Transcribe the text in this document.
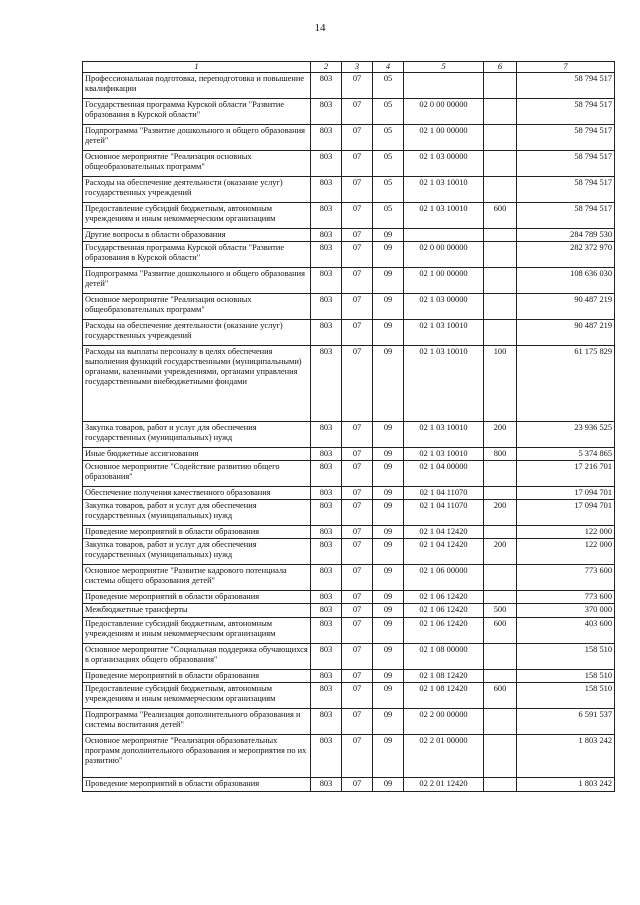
14
1	2	3	4	5	6	7
Профессиональная подготовка, переподготовка и повышение квалификации	803	07	05			58 794 517
Государственная программа Курской области "Развитие образования в Курской области"	803	07	05	02 0 00 00000		58 794 517
Подпрограмма "Развитие дошкольного и общего образования детей"	803	07	05	02 1 00 00000		58 794 517
Основное мероприятие "Реализация основных общеобразовательных программ"	803	07	05	02 1 03 00000		58 794 517
Расходы на обеспечение деятельности (оказание услуг) государственных учреждений	803	07	05	02 1 03 10010		58 794 517
Предоставление субсидий бюджетным, автономным учреждениям и иным некоммерческим организациям	803	07	05	02 1 03 10010	600	58 794 517
Другие вопросы в области образования	803	07	09			284 789 530
Государственная программа Курской области "Развитие образования в Курской области"	803	07	09	02 0 00 00000		282 372 970
Подпрограмма "Развитие дошкольного и общего образования детей"	803	07	09	02 1 00 00000		108 636 030
Основное мероприятие "Реализация основных общеобразовательных программ"	803	07	09	02 1 03 00000		90 487 219
Расходы на обеспечение деятельности (оказание услуг) государственных учреждений	803	07	09	02 1 03 10010		90 487 219
Расходы на выплаты персоналу в целях обеспечения выполнения функций государственными (муниципальными) органами, казенными учреждениями, органами управления государственными внебюджетными фондами	803	07	09	02 1 03 10010	100	61 175 829
Закупка товаров, работ и услуг для обеспечения государственных (муниципальных) нужд	803	07	09	02 1 03 10010	200	23 936 525
Иные бюджетные ассигнования	803	07	09	02 1 03 10010	800	5 374 865
Основное мероприятие "Содействие развитию общего образования"	803	07	09	02 1 04 00000		17 216 701
Обеспечение получения качественного образования	803	07	09	02 1 04 11070		17 094 701
Закупка товаров, работ и услуг для обеспечения государственных (муниципальных) нужд	803	07	09	02 1 04 11070	200	17 094 701
Проведение мероприятий в области образования	803	07	09	02 1 04 12420		122 000
Закупка товаров, работ и услуг для обеспечения государственных (муниципальных) нужд	803	07	09	02 1 04 12420	200	122 000
Основное мероприятие "Развитие кадрового потенциала системы общего образования детей"	803	07	09	02 1 06 00000		773 600
Проведение мероприятий в области образования	803	07	09	02 1 06 12420		773 600
Межбюджетные трансферты	803	07	09	02 1 06 12420	500	370 000
Предоставление субсидий бюджетным, автономным учреждениям и иным некоммерческим организациям	803	07	09	02 1 06 12420	600	403 600
Основное мероприятие "Социальная поддержка обучающихся в организациях общего образования"	803	07	09	02 1 08 00000		158 510
Проведение мероприятий в области образования	803	07	09	02 1 08 12420		158 510
Предоставление субсидий бюджетным, автономным учреждениям и иным некоммерческим организациям	803	07	09	02 1 08 12420	600	158 510
Подпрограмма "Реализация дополнительного образования и системы воспитания детей"	803	07	09	02 2 00 00000		6 591 537
Основное мероприятие "Реализация образовательных программ дополнительного образования и мероприятия по их развитию"	803	07	09	02 2 01 00000		1 803 242
Проведение мероприятий в области образования	803	07	09	02 2 01 12420		1 803 242
